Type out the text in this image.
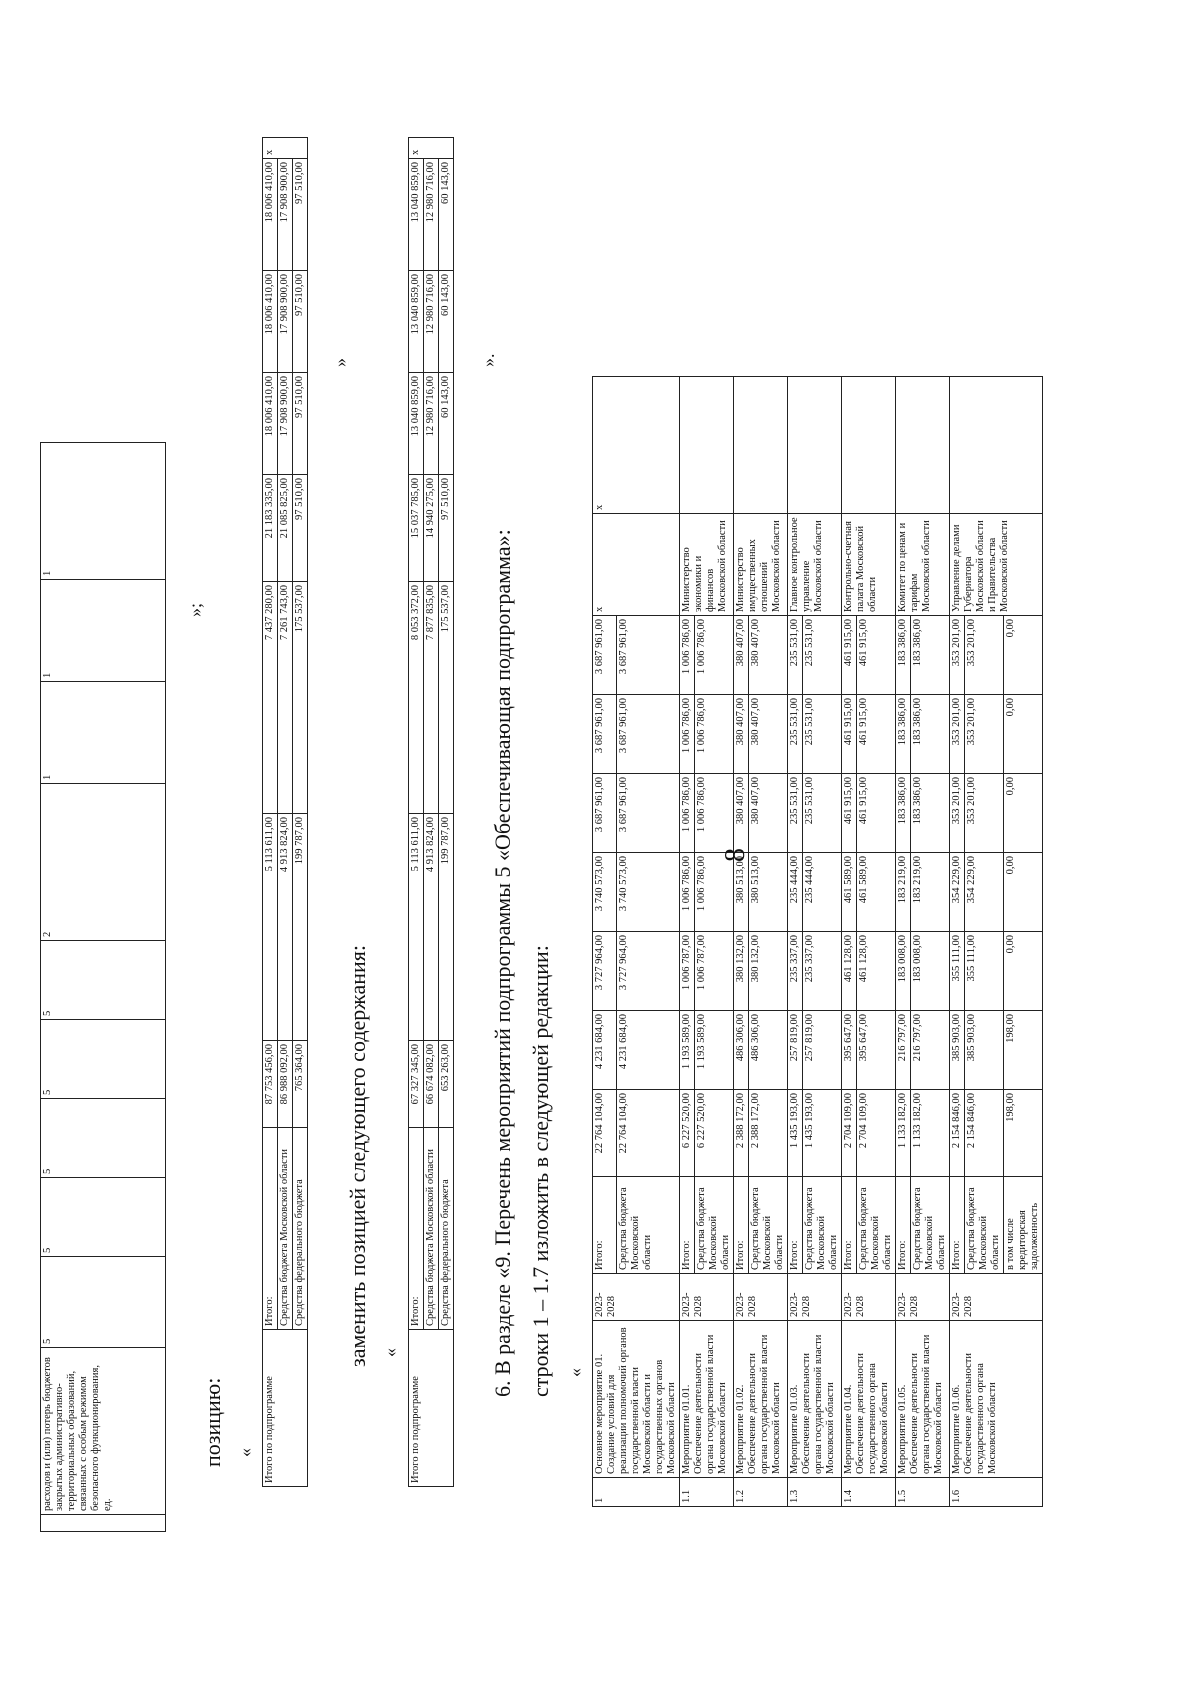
	расходов и (или) потерь бюджетов закрытых административно-территориальных образований, связанных с особым режимом безопасного функционирования, ед.	5	5	5	5	5	2	1	1	1
»;
позицию: « Итого по подпрограмме	Итого:	87 753 456,00	5 113 611,00	7 437 280,00	21 183 335,00	18 006 410,00	18 006 410,00	18 006 410,00	x
	Средства бюджета Московской области	86 988 092,00	4 913 824,00	7 261 743,00	21 085 825,00	17 908 900,00	17 908 900,00	17 908 900,00	
	Средства федерального бюджета	765 364,00	199 787,00	175 537,00	97 510,00	97 510,00	97 510,00	97 510,00	
»
заменить позицией следующего содержания: «
Итого по подпрограмме	Итого:	67 327 345,00	5 113 611,00	8 053 372,00	15 037 785,00	13 040 859,00	13 040 859,00	13 040 859,00	x
	Средства бюджета Московской области	66 674 082,00	4 913 824,00	7 877 835,00	14 940 275,00	12 980 716,00	12 980 716,00	12 980 716,00	
	Средства федерального бюджета	653 263,00	199 787,00	175 537,00	97 510,00	60 143,00	60 143,00	60 143,00	
».
6. В разделе «9. Перечень мероприятий подпрограммы 5 «Обеспечивающая подпрограмма»: строки 1 – 1.7 изложить в следующей редакции: «
1	Основное мероприятие 01. Создание условий для реализации полномочий органов государственной власти Московской области и государственных органов Московской области	2023-2028	Итого:	22 764 104,00	4 231 684,00	3 727 964,00	3 740 573,00	3 687 961,00	3 687 961,00	3 687 961,00	x	x
			Средства бюджета Московской области	22 764 104,00	4 231 684,00	3 727 964,00	3 740 573,00	3 687 961,00	3 687 961,00	3 687 961,00		
1.1	Мероприятие 01.01. Обеспечение деятельности органа государственной власти Московской области	2023-2028	Итого:	6 227 520,00	1 193 589,00	1 006 787,00	1 006 786,00	1 006 786,00	1 006 786,00	1 006 786,00	Министерство экономики и финансов Московской области	
			Средства бюджета Московской области	6 227 520,00	1 193 589,00	1 006 787,00	1 006 786,00	1 006 786,00	1 006 786,00	1 006 786,00		
1.2	Мероприятие 01.02. Обеспечение деятельности органа государственной власти Московской области	2023-2028	Итого:	2 388 172,00	486 306,00	380 132,00	380 513,00	380 407,00	380 407,00	380 407,00	Министерство имущественных отношений Московской области	
			Средства бюджета Московской области	2 388 172,00	486 306,00	380 132,00	380 513,00	380 407,00	380 407,00	380 407,00		
1.3	Мероприятие 01.03. Обеспечение деятельности органа государственной власти Московской области	2023-2028	Итого:	1 435 193,00	257 819,00	235 337,00	235 444,00	235 531,00	235 531,00	235 531,00	Главное контрольное управление Московской области	
			Средства бюджета Московской области	1 435 193,00	257 819,00	235 337,00	235 444,00	235 531,00	235 531,00	235 531,00		
1.4	Мероприятие 01.04. Обеспечение деятельности государственного органа Московской области	2023-2028	Итого:	2 704 109,00	395 647,00	461 128,00	461 589,00	461 915,00	461 915,00	461 915,00	Контрольно-счетная палата Московской области	
			Средства бюджета Московской области	2 704 109,00	395 647,00	461 128,00	461 589,00	461 915,00	461 915,00	461 915,00		
1.5	Мероприятие 01.05. Обеспечение деятельности органа государственной власти Московской области	2023-2028	Итого:	1 133 182,00	216 797,00	183 008,00	183 219,00	183 386,00	183 386,00	183 386,00	Комитет по ценам и тарифам Московской области	
			Средства бюджета Московской области	1 133 182,00	216 797,00	183 008,00	183 219,00	183 386,00	183 386,00	183 386,00		
1.6	Мероприятие 01.06. Обеспечение деятельности государственного органа Московской области	2023-2028	Итого:	2 154 846,00	385 903,00	355 111,00	354 229,00	353 201,00	353 201,00	353 201,00	Управление делами Губернатора Московской области и Правительства Московской области	
			Средства бюджета Московской области	2 154 846,00	385 903,00	355 111,00	354 229,00	353 201,00	353 201,00	353 201,00		
			в том числе кредиторская задолженность	198,00	198,00	0,00	0,00	0,00	0,00	0,00		
8
